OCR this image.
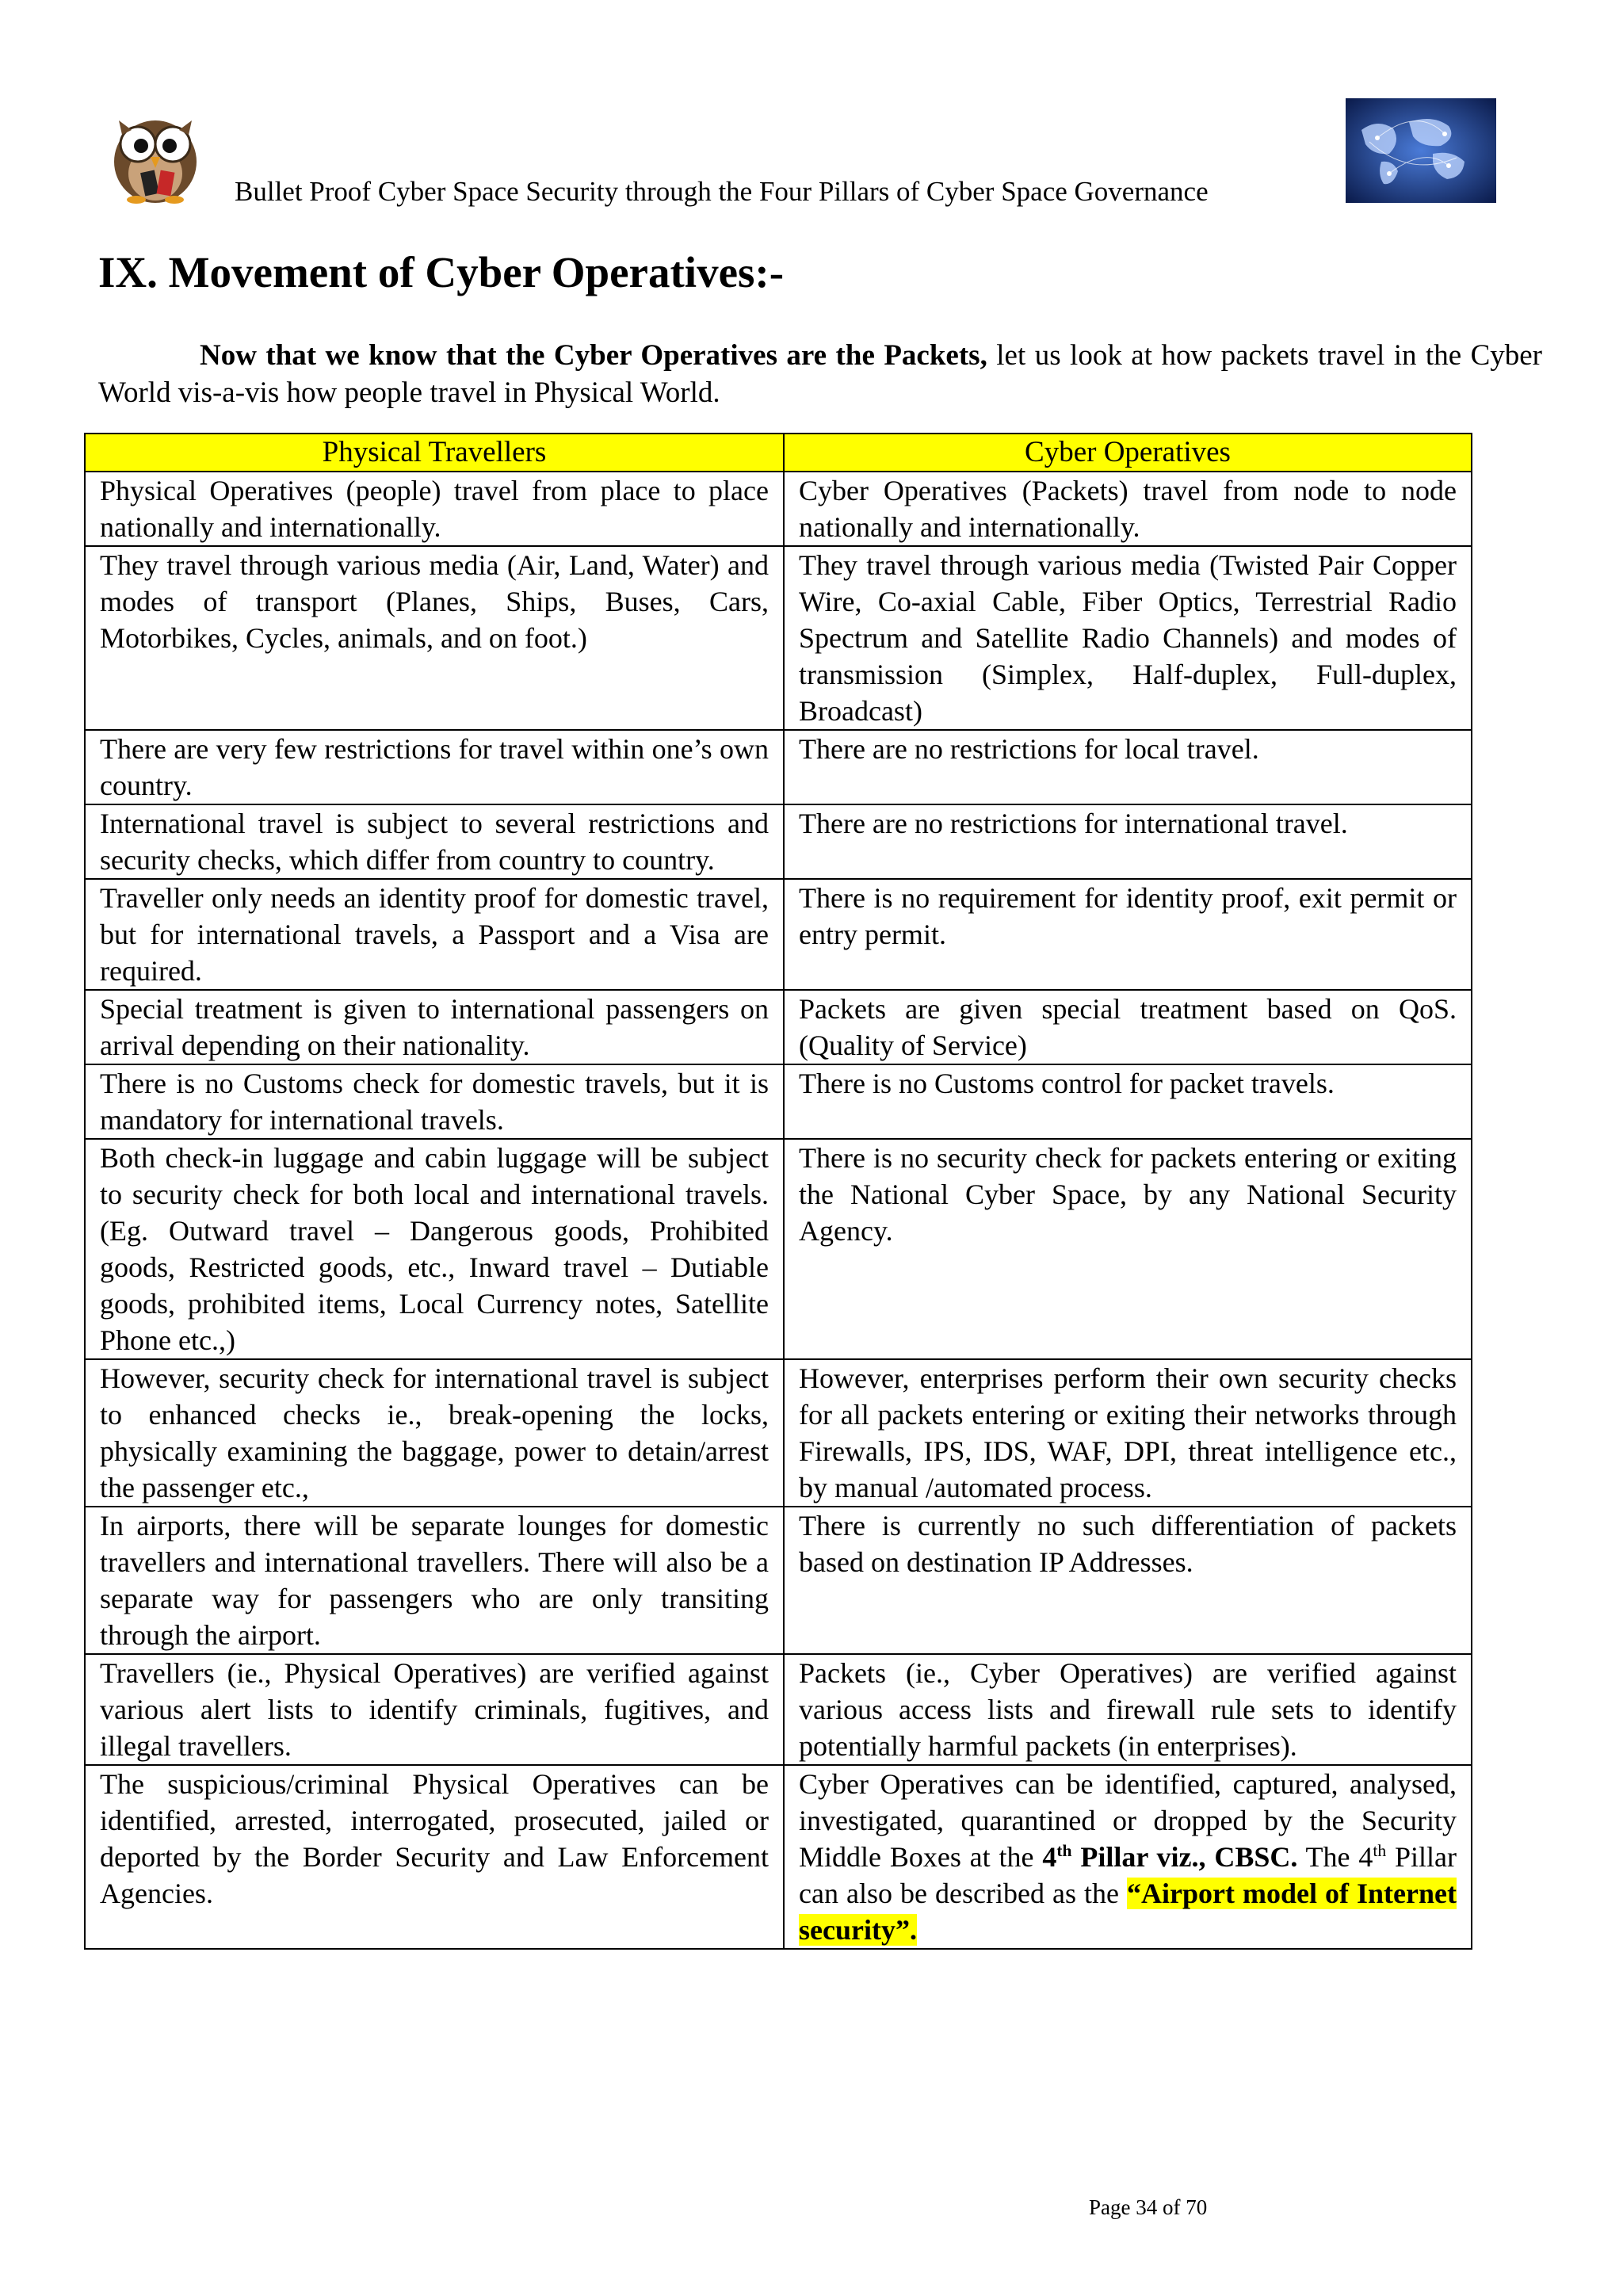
Bullet Proof Cyber Space Security through the Four Pillars of Cyber Space Governance
IX. Movement of Cyber Operatives:-
Now that we know that the Cyber Operatives are the Packets, let us look at how packets travel in the Cyber World vis-a-vis how people travel in Physical World.
Physical Travellers	Cyber Operatives
Physical Operatives (people) travel from place to place nationally and internationally.	Cyber Operatives (Packets) travel from node to node nationally and internationally.
They travel through various media (Air, Land, Water) and modes of transport (Planes, Ships, Buses, Cars, Motorbikes, Cycles, animals, and on foot.)	They travel through various media (Twisted Pair Copper Wire, Co-axial Cable, Fiber Optics, Terrestrial Radio Spectrum and Satellite Radio Channels) and modes of transmission (Simplex, Half-duplex, Full-duplex, Broadcast)
There are very few restrictions for travel within one’s own country.	There are no restrictions for local travel.
International travel is subject to several restrictions and security checks, which differ from country to country.	There are no restrictions for international travel.
Traveller only needs an identity proof for domestic travel, but for international travels, a Passport and a Visa are required.	There is no requirement for identity proof, exit permit or entry permit.
Special treatment is given to international passengers on arrival depending on their nationality.	Packets are given special treatment based on QoS. (Quality of Service)
There is no Customs check for domestic travels, but it is mandatory for international travels.	There is no Customs control for packet travels.
Both check-in luggage and cabin luggage will be subject to security check for both local and international travels. (Eg. Outward travel – Dangerous goods, Prohibited goods, Restricted goods, etc., Inward travel – Dutiable goods, prohibited items, Local Currency notes, Satellite Phone etc.,)	There is no security check for packets entering or exiting the National Cyber Space, by any National Security Agency.
However, security check for international travel is subject to enhanced checks ie., break-opening the locks, physically examining the baggage, power to detain/arrest the passenger etc.,	However, enterprises perform their own security checks for all packets entering or exiting their networks through Firewalls, IPS, IDS, WAF, DPI, threat intelligence etc., by manual /automated process.
In airports, there will be separate lounges for domestic travellers and international travellers. There will also be a separate way for passengers who are only transiting through the airport.	There is currently no such differentiation of packets based on destination IP Addresses.
Travellers (ie., Physical Operatives) are verified against various alert lists to identify criminals, fugitives, and illegal travellers.	Packets (ie., Cyber Operatives) are verified against various access lists and firewall rule sets to identify potentially harmful packets (in enterprises).
The suspicious/criminal Physical Operatives can be identified, arrested, interrogated, prosecuted, jailed or deported by the Border Security and Law Enforcement Agencies.	Cyber Operatives can be identified, captured, analysed, investigated, quarantined or dropped by the Security Middle Boxes at the 4th Pillar viz., CBSC. The 4th Pillar can also be described as the “Airport model of Internet security”.
Page 34 of 70
